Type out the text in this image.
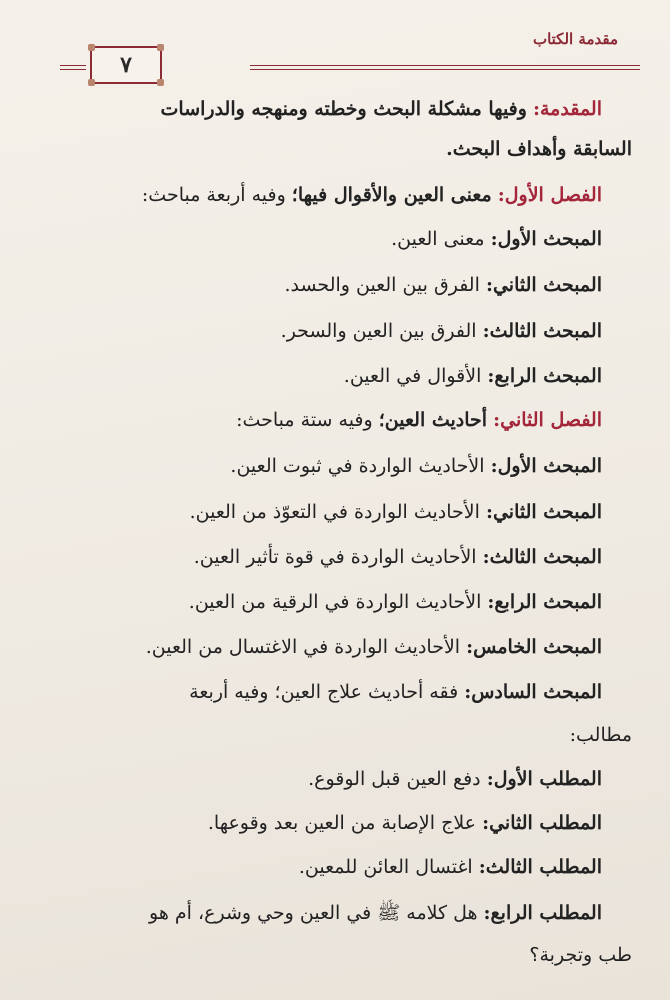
مقدمة الكتاب
٧
المقدمة: وفيها مشكلة البحث وخطته ومنهجه والدراسات
السابقة وأهداف البحث.
الفصل الأول: معنى العين والأقوال فيها؛ وفيه أربعة مباحث:
المبحث الأول: معنى العين.
المبحث الثاني: الفرق بين العين والحسد.
المبحث الثالث: الفرق بين العين والسحر.
المبحث الرابع: الأقوال في العين.
الفصل الثاني: أحاديث العين؛ وفيه ستة مباحث:
المبحث الأول: الأحاديث الواردة في ثبوت العين.
المبحث الثاني: الأحاديث الواردة في التعوّذ من العين.
المبحث الثالث: الأحاديث الواردة في قوة تأثير العين.
المبحث الرابع: الأحاديث الواردة في الرقية من العين.
المبحث الخامس: الأحاديث الواردة في الاغتسال من العين.
المبحث السادس: فقه أحاديث علاج العين؛ وفيه أربعة
مطالب:
المطلب الأول: دفع العين قبل الوقوع.
المطلب الثاني: علاج الإصابة من العين بعد وقوعها.
المطلب الثالث: اغتسال العائن للمعين.
المطلب الرابع: هل كلامه ﷺ في العين وحي وشرع، أم هو
طب وتجربة؟
